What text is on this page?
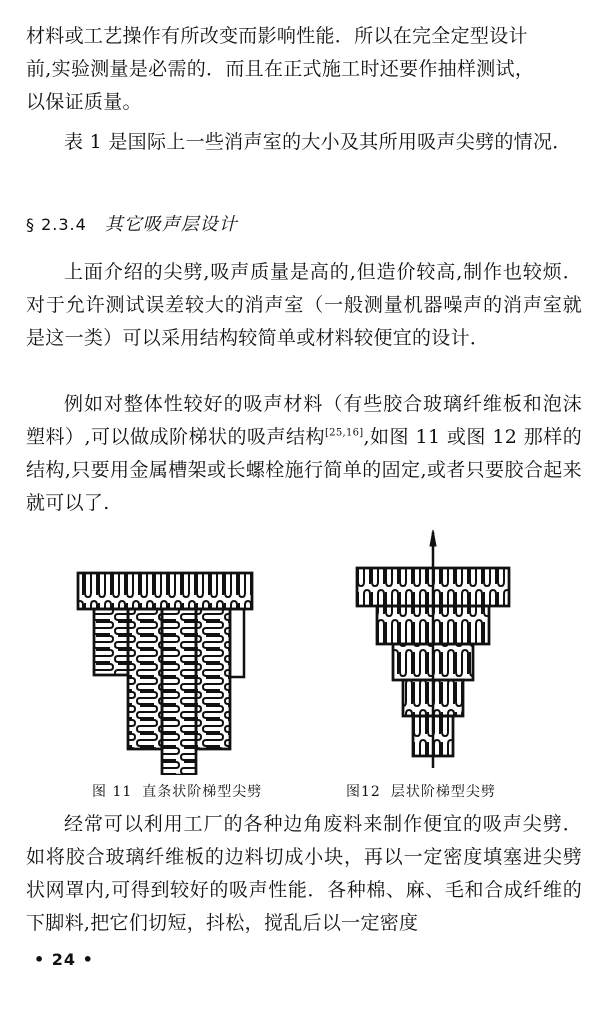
材料或工艺操作有所改变而影响性能．所以在完全定型设计
前,实验测量是必需的．而且在正式施工时还要作抽样测试，
以保证质量。

表 1 是国际上一些消声室的大小及其所用吸声尖劈的情况．

§ 2.3.4 其它吸声层设计

上面介绍的尖劈,吸声质量是高的,但造价较高,制作也较烦．对于允许测试误差较大的消声室（一般测量机器噪声的消声室就是这一类）可以采用结构较简单或材料较便宜的设计．

例如对整体性较好的吸声材料（有些胶合玻璃纤维板和泡沫塑料）,可以做成阶梯状的吸声结构[25,16],如图 11 或图 12 那样的结构,只要用金属槽架或长螺栓施行简单的固定,或者只要胶合起来就可以了.

图 11 直条状阶梯型尖劈	图12 层状阶梯型尖劈

经常可以利用工厂的各种边角废料来制作便宜的吸声尖劈．如将胶合玻璃纤维板的边料切成小块，再以一定密度填塞进尖劈状网罩内,可得到较好的吸声性能．各种棉、麻、毛和合成纤维的下脚料,把它们切短，抖松，搅乱后以一定密度

• 24 •
